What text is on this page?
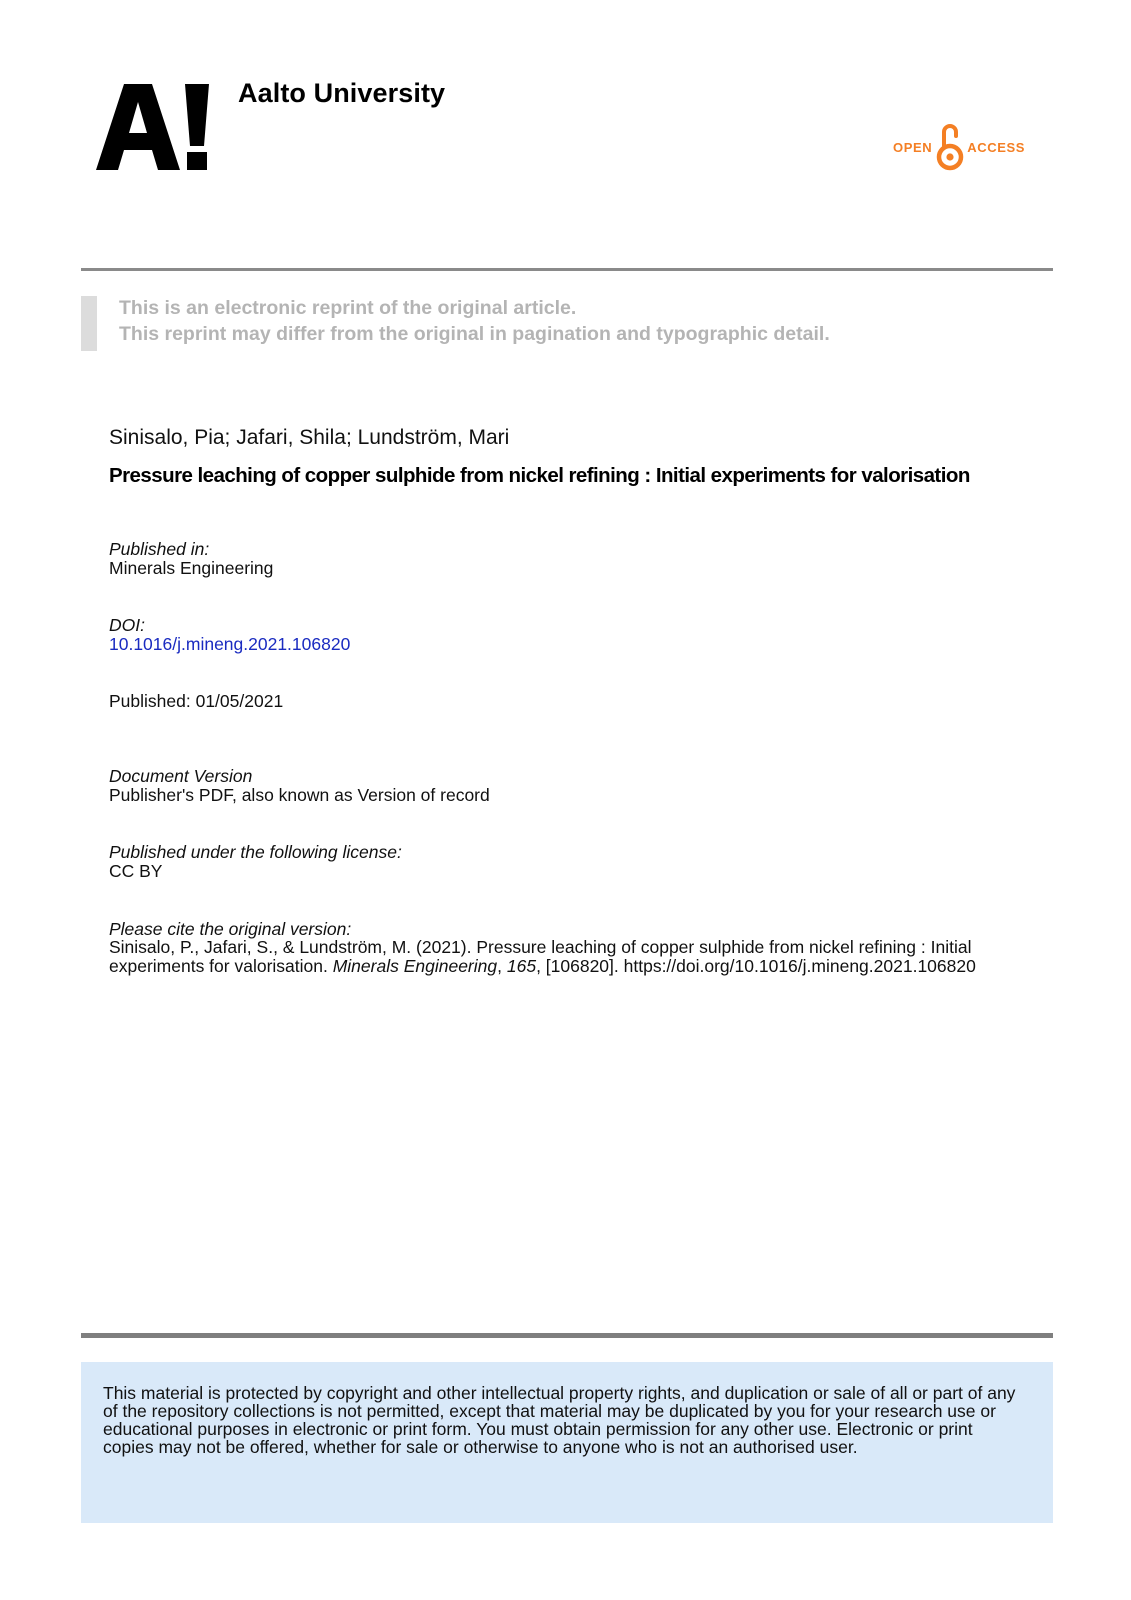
Aalto University
OPEN	ACCESS
This is an electronic reprint of the original article.
This reprint may differ from the original in pagination and typographic detail.
Sinisalo, Pia; Jafari, Shila; Lundström, Mari
Pressure leaching of copper sulphide from nickel refining : Initial experiments for valorisation
Published in:
Minerals Engineering
DOI:
10.1016/j.mineng.2021.106820
Published: 01/05/2021
Document Version
Publisher's PDF, also known as Version of record
Published under the following license:
CC BY
Please cite the original version:
Sinisalo, P., Jafari, S., & Lundström, M. (2021). Pressure leaching of copper sulphide from nickel refining : Initial
experiments for valorisation. Minerals Engineering, 165, [106820]. https://doi.org/10.1016/j.mineng.2021.106820

This material is protected by copyright and other intellectual property rights, and duplication or sale of all or part of any of the repository collections is not permitted, except that material may be duplicated by you for your research use or educational purposes in electronic or print form. You must obtain permission for any other use. Electronic or print copies may not be offered, whether for sale or otherwise to anyone who is not an authorised user.
